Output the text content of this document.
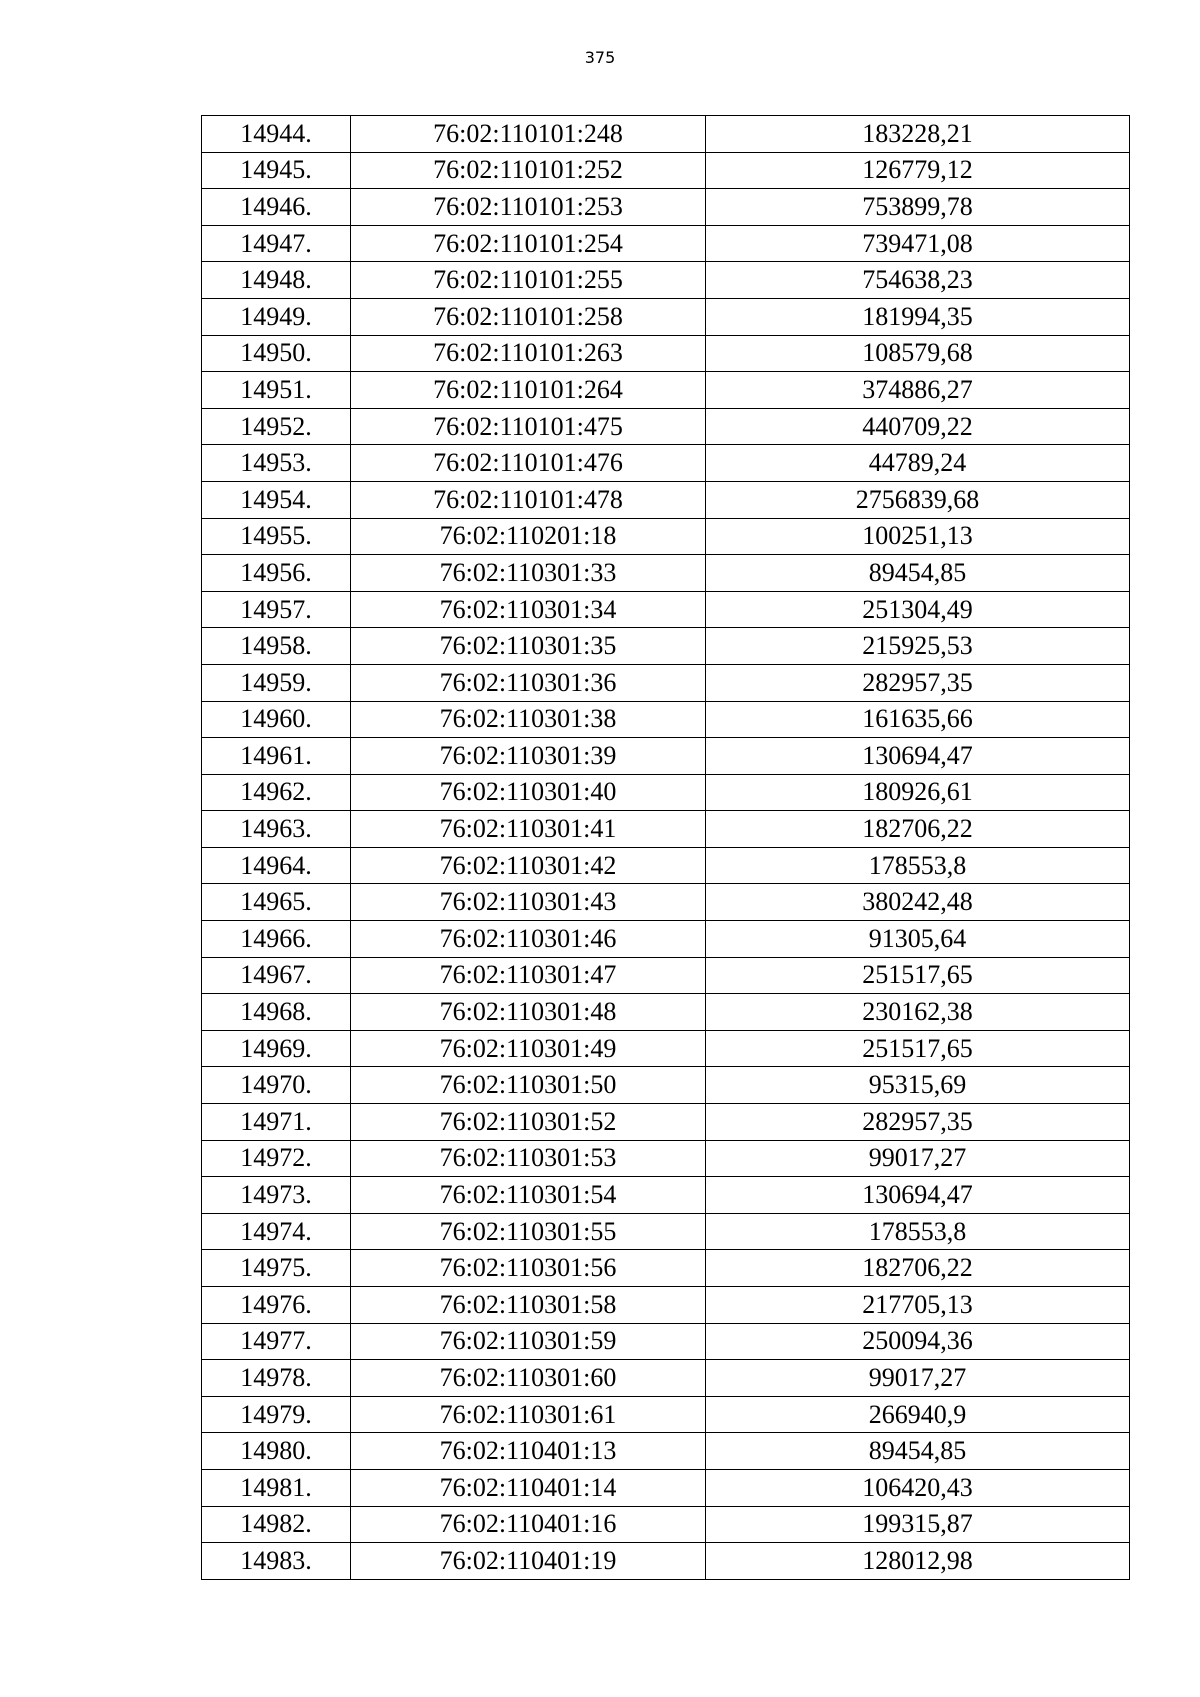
375
14944.	76:02:110101:248	183228,21
14945.	76:02:110101:252	126779,12
14946.	76:02:110101:253	753899,78
14947.	76:02:110101:254	739471,08
14948.	76:02:110101:255	754638,23
14949.	76:02:110101:258	181994,35
14950.	76:02:110101:263	108579,68
14951.	76:02:110101:264	374886,27
14952.	76:02:110101:475	440709,22
14953.	76:02:110101:476	44789,24
14954.	76:02:110101:478	2756839,68
14955.	76:02:110201:18	100251,13
14956.	76:02:110301:33	89454,85
14957.	76:02:110301:34	251304,49
14958.	76:02:110301:35	215925,53
14959.	76:02:110301:36	282957,35
14960.	76:02:110301:38	161635,66
14961.	76:02:110301:39	130694,47
14962.	76:02:110301:40	180926,61
14963.	76:02:110301:41	182706,22
14964.	76:02:110301:42	178553,8
14965.	76:02:110301:43	380242,48
14966.	76:02:110301:46	91305,64
14967.	76:02:110301:47	251517,65
14968.	76:02:110301:48	230162,38
14969.	76:02:110301:49	251517,65
14970.	76:02:110301:50	95315,69
14971.	76:02:110301:52	282957,35
14972.	76:02:110301:53	99017,27
14973.	76:02:110301:54	130694,47
14974.	76:02:110301:55	178553,8
14975.	76:02:110301:56	182706,22
14976.	76:02:110301:58	217705,13
14977.	76:02:110301:59	250094,36
14978.	76:02:110301:60	99017,27
14979.	76:02:110301:61	266940,9
14980.	76:02:110401:13	89454,85
14981.	76:02:110401:14	106420,43
14982.	76:02:110401:16	199315,87
14983.	76:02:110401:19	128012,98
